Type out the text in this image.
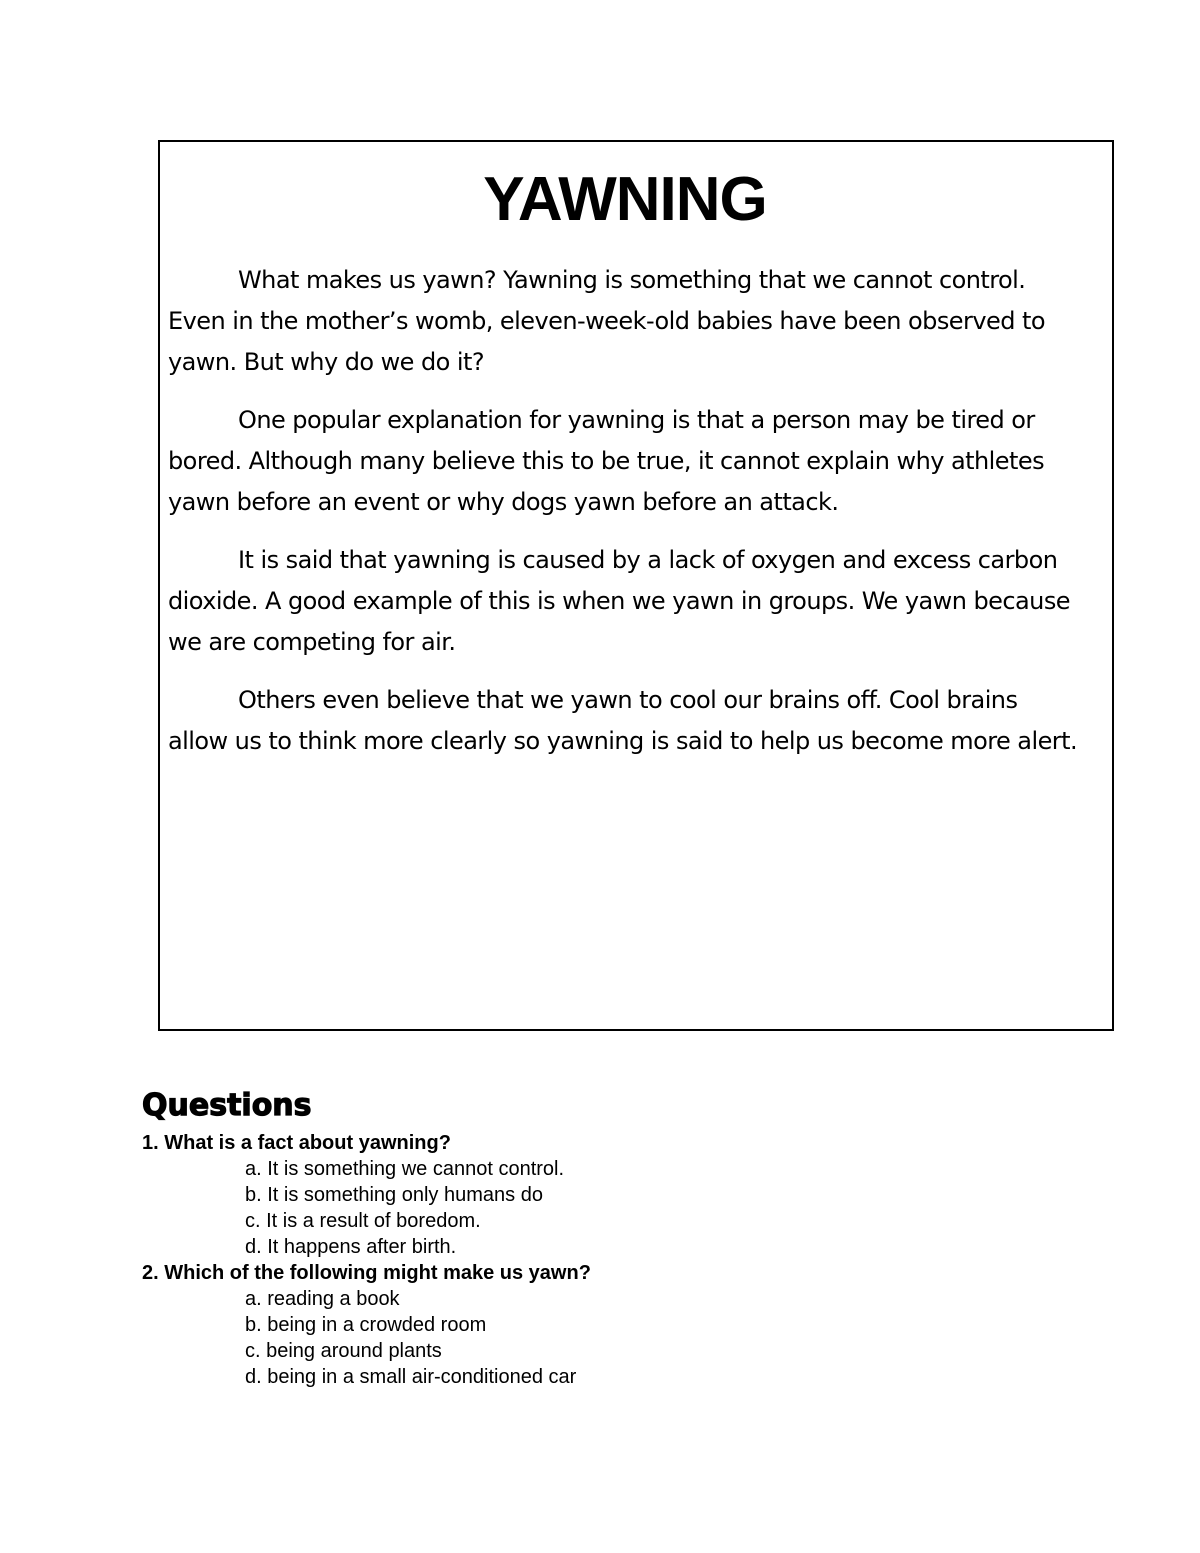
YAWNING

What makes us yawn? Yawning is something that we cannot control. Even in the mother’s womb, eleven-week-old babies have been observed to yawn. But why do we do it?

One popular explanation for yawning is that a person may be tired or bored. Although many believe this to be true, it cannot explain why athletes yawn before an event or why dogs yawn before an attack.

It is said that yawning is caused by a lack of oxygen and excess carbon dioxide. A good example of this is when we yawn in groups. We yawn because we are competing for air.

Others even believe that we yawn to cool our brains off. Cool brains allow us to think more clearly so yawning is said to help us become more alert.

Questions
1. What is a fact about yawning?
a. It is something we cannot control.
b. It is something only humans do
c. It is a result of boredom.
d. It happens after birth.
2. Which of the following might make us yawn?
a. reading a book
b. being in a crowded room
c. being around plants
d. being in a small air-conditioned car
